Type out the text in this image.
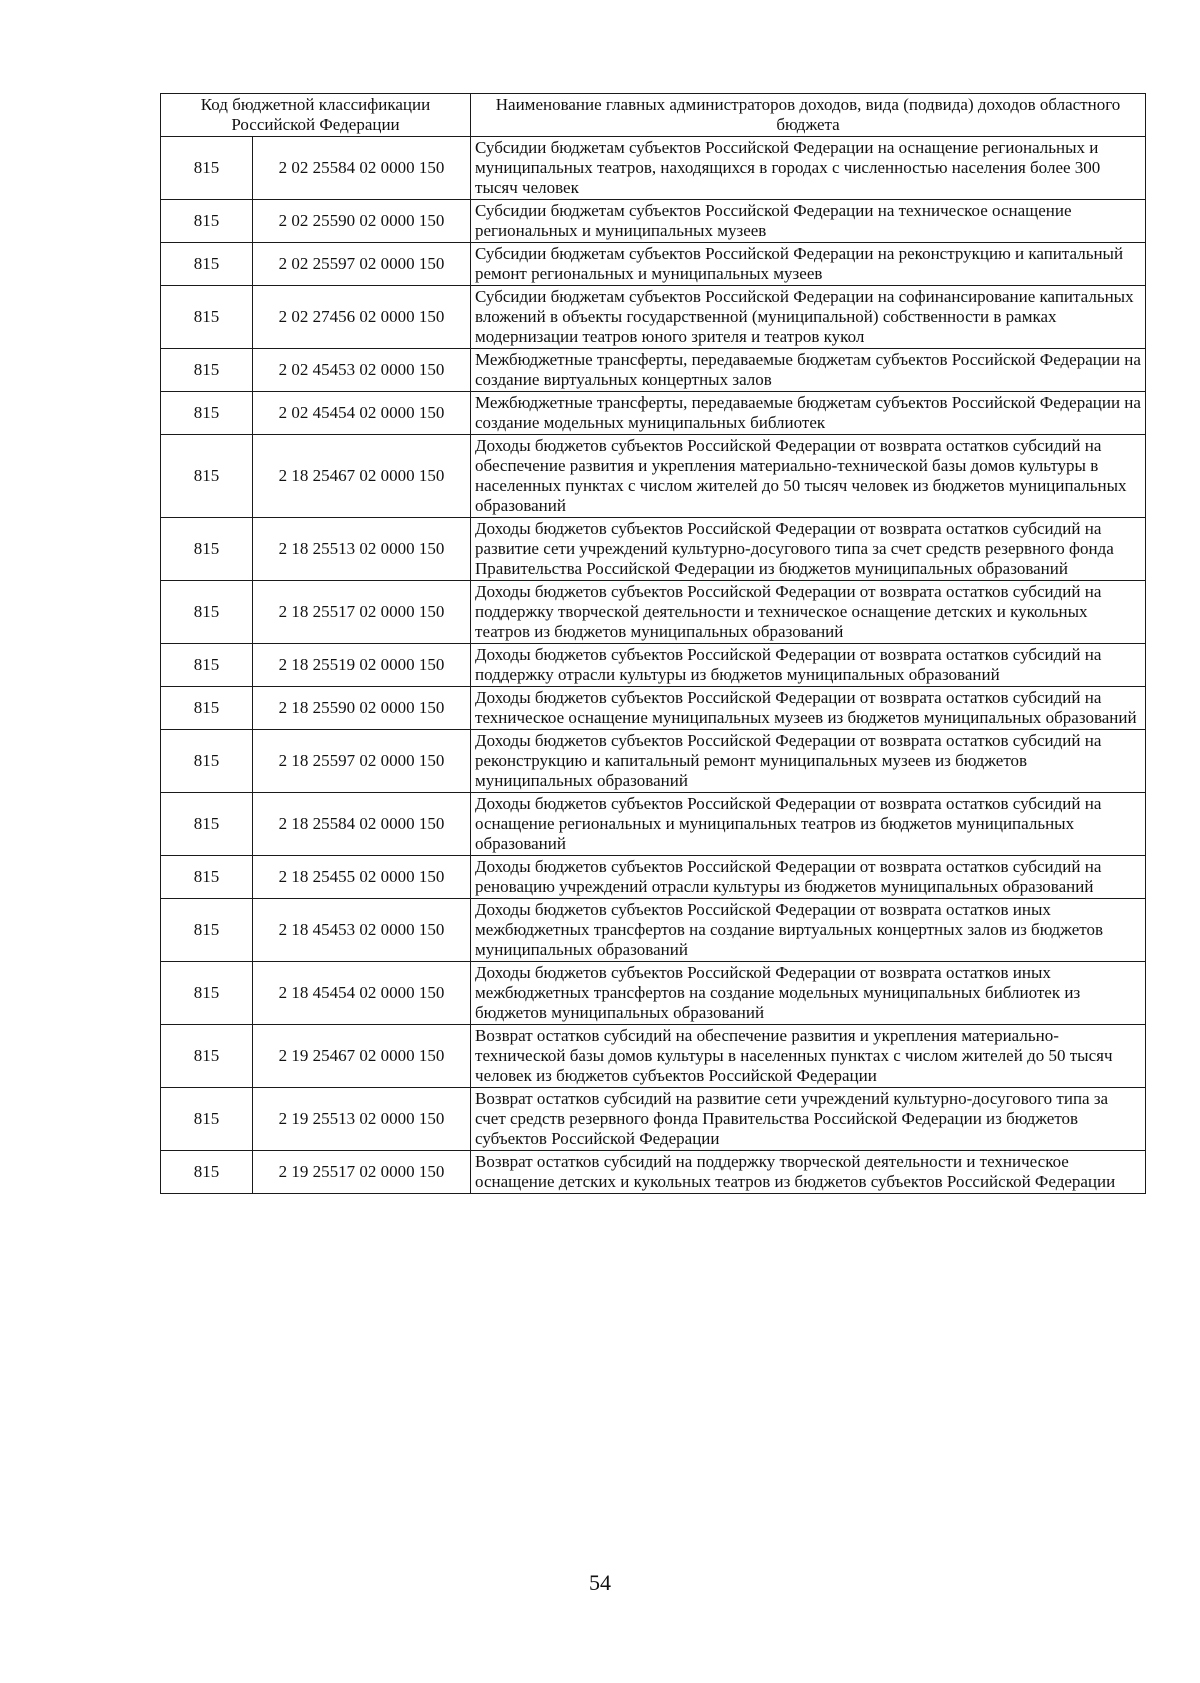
Код бюджетной классификации Российской Федерации		Наименование главных администраторов доходов, вида (подвида) доходов областного бюджета
815	2 02 25584 02 0000 150	Субсидии бюджетам субъектов Российской Федерации на оснащение региональных и муниципальных театров, находящихся в городах с численностью населения более 300 тысяч человек
815	2 02 25590 02 0000 150	Субсидии бюджетам субъектов Российской Федерации на техническое оснащение региональных и муниципальных музеев
815	2 02 25597 02 0000 150	Субсидии бюджетам субъектов Российской Федерации на реконструкцию и капитальный ремонт региональных и муниципальных музеев
815	2 02 27456 02 0000 150	Субсидии бюджетам субъектов Российской Федерации на софинансирование капитальных вложений в объекты государственной (муниципальной) собственности в рамках модернизации театров юного зрителя и театров кукол
815	2 02 45453 02 0000 150	Межбюджетные трансферты, передаваемые бюджетам субъектов Российской Федерации на создание виртуальных концертных залов
815	2 02 45454 02 0000 150	Межбюджетные трансферты, передаваемые бюджетам субъектов Российской Федерации на создание модельных муниципальных библиотек
815	2 18 25467 02 0000 150	Доходы бюджетов субъектов Российской Федерации от возврата остатков субсидий на обеспечение развития и укрепления материально-технической базы домов культуры в населенных пунктах с числом жителей до 50 тысяч человек из бюджетов муниципальных образований
815	2 18 25513 02 0000 150	Доходы бюджетов субъектов Российской Федерации от возврата остатков субсидий на развитие сети учреждений культурно-досугового типа за счет средств резервного фонда Правительства Российской Федерации из бюджетов муниципальных образований
815	2 18 25517 02 0000 150	Доходы бюджетов субъектов Российской Федерации от возврата остатков субсидий на поддержку творческой деятельности и техническое оснащение детских и кукольных театров из бюджетов муниципальных образований
815	2 18 25519 02 0000 150	Доходы бюджетов субъектов Российской Федерации от возврата остатков субсидий на поддержку отрасли культуры из бюджетов муниципальных образований
815	2 18 25590 02 0000 150	Доходы бюджетов субъектов Российской Федерации от возврата остатков субсидий на техническое оснащение муниципальных музеев из бюджетов муниципальных образований
815	2 18 25597 02 0000 150	Доходы бюджетов субъектов Российской Федерации от возврата остатков субсидий на реконструкцию и капитальный ремонт муниципальных музеев из бюджетов муниципальных образований
815	2 18 25584 02 0000 150	Доходы бюджетов субъектов Российской Федерации от возврата остатков субсидий на оснащение региональных и муниципальных театров из бюджетов муниципальных образований
815	2 18 25455 02 0000 150	Доходы бюджетов субъектов Российской Федерации от возврата остатков субсидий на реновацию учреждений отрасли культуры из бюджетов муниципальных образований
815	2 18 45453 02 0000 150	Доходы бюджетов субъектов Российской Федерации от возврата остатков иных межбюджетных трансфертов на создание виртуальных концертных залов из бюджетов муниципальных образований
815	2 18 45454 02 0000 150	Доходы бюджетов субъектов Российской Федерации от возврата остатков иных межбюджетных трансфертов на создание модельных муниципальных библиотек из бюджетов муниципальных образований
815	2 19 25467 02 0000 150	Возврат остатков субсидий на обеспечение развития и укрепления материально-технической базы домов культуры в населенных пунктах с числом жителей до 50 тысяч человек из бюджетов субъектов Российской Федерации
815	2 19 25513 02 0000 150	Возврат остатков субсидий на развитие сети учреждений культурно-досугового типа за счет средств резервного фонда Правительства Российской Федерации из бюджетов субъектов Российской Федерации
815	2 19 25517 02 0000 150	Возврат остатков субсидий на поддержку творческой деятельности и техническое оснащение детских и кукольных театров из бюджетов субъектов Российской Федерации
54
